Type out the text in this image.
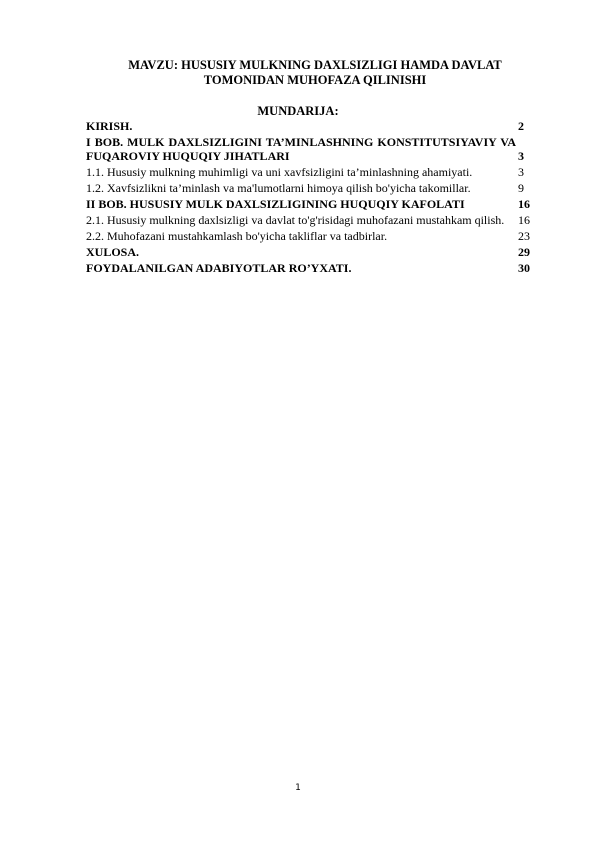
MAVZU: HUSUSIY MULKNING DAXLSIZLIGI HAMDA DAVLAT TOMONIDAN MUHOFAZA QILINISHI
MUNDARIJA:
KIRISH.	2
I BOB. MULK DAXLSIZLIGINI TA’MINLASHNING KONSTITUTSIYAVIY VA FUQAROVIY HUQUQIY JIHATLARI	3
1.1. Hususiy mulkning muhimligi va uni xavfsizligini ta’minlashning ahamiyati.	3
1.2. Xavfsizlikni ta’minlash va ma'lumotlarni himoya qilish bo'yicha takomillar.	9
II BOB. HUSUSIY MULK DAXLSIZLIGINING HUQUQIY KAFOLATI	16
2.1. Hususiy mulkning daxlsizligi va davlat to'g'risidagi muhofazani mustahkam qilish.	16
2.2. Muhofazani mustahkamlash bo'yicha takliflar va tadbirlar.	23
XULOSA.	29
FOYDALANILGAN ADABIYOTLAR RO’YXATI.	30
1
